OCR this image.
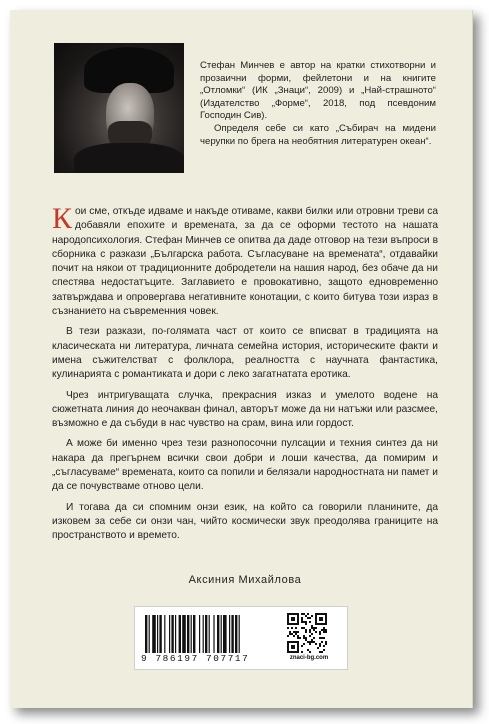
Стефан Минчев е автор на кратки стихотворни и прозаични форми, фейлетони и на книгите „Отломки“ (ИК „Знаци“, 2009) и „Най-страшното“ (Издателство „Форме“, 2018, под псевдоним Господин Сив).

Определя себе си като „Събирач на мидени черупки по брега на необятния литературен океан“.

Кои сме, откъде идваме и накъде отиваме, какви билки или отровни треви са добавяли епохите и времената, за да се оформи тестото на нашата народопсихология. Стефан Минчев се опитва да даде отговор на тези въпроси в сборника с разкази „Българска работа. Съгласуване на времената“, отдавайки почит на някои от традиционните добродетели на нашия народ, без обаче да ни спестява недостатъците. Заглавието е провокативно, защото едновременно затвърждава и опровергава негативните конотации, с които битува този израз в съзнанието на съвременния човек.

В тези разкази, по-голямата част от които се вписват в традицията на класическата ни литература, личната семейна история, историческите факти и имена съжителстват с фолклора, реалността с научната фантастика, кулинарията с романтиката и дори с леко загатнатата еротика.

Чрез интригуващата случка, прекрасния изказ и умелото водене на сюжетната линия до неочакван финал, авторът може да ни натъжи или разсмее, възможно е да събуди в нас чувство на срам, вина или гордост.

А може би именно чрез тези разнопосочни пулсации и техния синтез да ни накара да прегърнем всички свои добри и лоши качества, да помирим и „съгласуваме“ времената, които са попили и белязали народностната ни памет и да се почувстваме отново цели.

И тогава да си спомним онзи език, на който са говорили планините, да изковем за себе си онзи чан, чийто космически звук преодолява границите на пространството и времето.

Аксиния Михайлова
9 786197 707717	znaci-bg.com
